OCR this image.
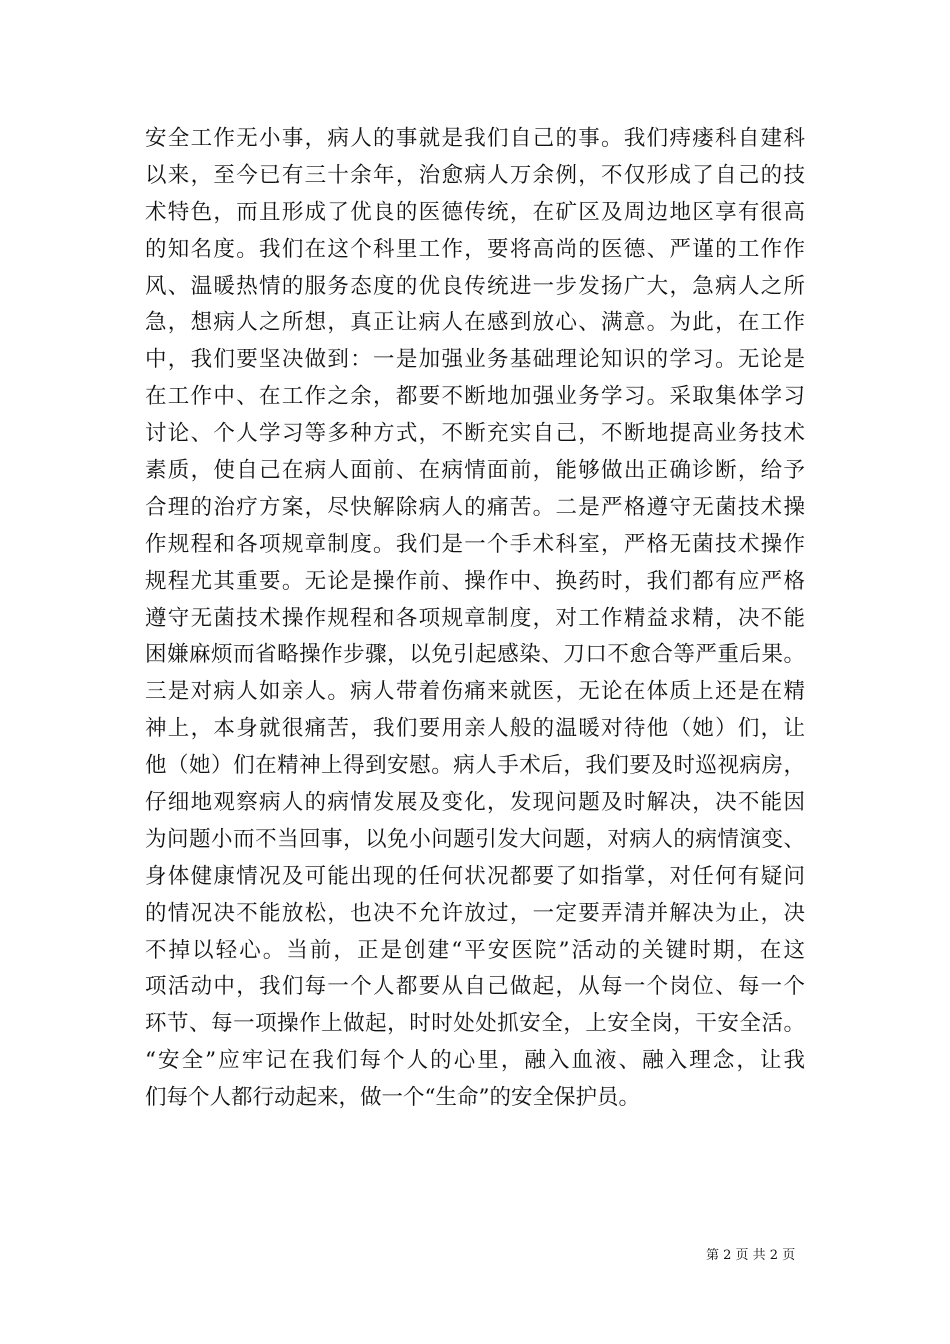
安全工作无小事，病人的事就是我们自己的事。我们痔瘘科自建科
以来，至今已有三十余年，治愈病人万余例，不仅形成了自己的技
术特色，而且形成了优良的医德传统，在矿区及周边地区享有很高
的知名度。我们在这个科里工作，要将高尚的医德、严谨的工作作
风、温暖热情的服务态度的优良传统进一步发扬广大，急病人之所
急，想病人之所想，真正让病人在感到放心、满意。为此，在工作
中，我们要坚决做到：一是加强业务基础理论知识的学习。无论是
在工作中、在工作之余，都要不断地加强业务学习。采取集体学习
讨论、个人学习等多种方式，不断充实自己，不断地提高业务技术
素质，使自己在病人面前、在病情面前，能够做出正确诊断，给予
合理的治疗方案，尽快解除病人的痛苦。二是严格遵守无菌技术操
作规程和各项规章制度。我们是一个手术科室，严格无菌技术操作
规程尤其重要。无论是操作前、操作中、换药时，我们都有应严格
遵守无菌技术操作规程和各项规章制度，对工作精益求精，决不能
困嫌麻烦而省略操作步骤，以免引起感染、刀口不愈合等严重后果。
三是对病人如亲人。病人带着伤痛来就医，无论在体质上还是在精
神上，本身就很痛苦，我们要用亲人般的温暖对待他（她）们，让
他（她）们在精神上得到安慰。病人手术后，我们要及时巡视病房，
仔细地观察病人的病情发展及变化，发现问题及时解决，决不能因
为问题小而不当回事，以免小问题引发大问题，对病人的病情演变、
身体健康情况及可能出现的任何状况都要了如指掌，对任何有疑问
的情况决不能放松，也决不允许放过，一定要弄清并解决为止，决
不掉以轻心。当前，正是创建“平安医院”活动的关键时期，在这
项活动中，我们每一个人都要从自己做起，从每一个岗位、每一个
环节、每一项操作上做起，时时处处抓安全，上安全岗，干安全活。
“安全”应牢记在我们每个人的心里，融入血液、融入理念，让我
们每个人都行动起来，做一个“生命”的安全保护员。
第 2 页 共 2 页
